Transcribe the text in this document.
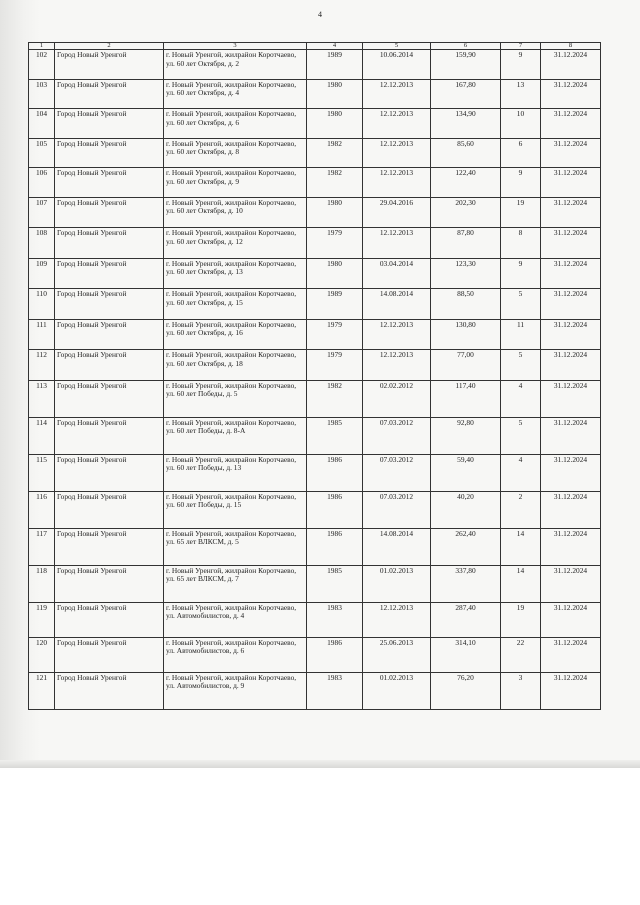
4
1	2	3	4	5	6	7	8
102	Город Новый Уренгой	г. Новый Уренгой, жилрайон Коротчаево, ул. 60 лет Октября, д. 2	1989	10.06.2014	159,90	9	31.12.2024
103	Город Новый Уренгой	г. Новый Уренгой, жилрайон Коротчаево, ул. 60 лет Октября, д. 4	1980	12.12.2013	167,80	13	31.12.2024
104	Город Новый Уренгой	г. Новый Уренгой, жилрайон Коротчаево, ул. 60 лет Октября, д. 6	1980	12.12.2013	134,90	10	31.12.2024
105	Город Новый Уренгой	г. Новый Уренгой, жилрайон Коротчаево, ул. 60 лет Октября, д. 8	1982	12.12.2013	85,60	6	31.12.2024
106	Город Новый Уренгой	г. Новый Уренгой, жилрайон Коротчаево, ул. 60 лет Октября, д. 9	1982	12.12.2013	122,40	9	31.12.2024
107	Город Новый Уренгой	г. Новый Уренгой, жилрайон Коротчаево, ул. 60 лет Октября, д. 10	1980	29.04.2016	202,30	19	31.12.2024
108	Город Новый Уренгой	г. Новый Уренгой, жилрайон Коротчаево, ул. 60 лет Октября, д. 12	1979	12.12.2013	87,80	8	31.12.2024
109	Город Новый Уренгой	г. Новый Уренгой, жилрайон Коротчаево, ул. 60 лет Октября, д. 13	1980	03.04.2014	123,30	9	31.12.2024
110	Город Новый Уренгой	г. Новый Уренгой, жилрайон Коротчаево, ул. 60 лет Октября, д. 15	1989	14.08.2014	88,50	5	31.12.2024
111	Город Новый Уренгой	г. Новый Уренгой, жилрайон Коротчаево, ул. 60 лет Октября, д. 16	1979	12.12.2013	130,80	11	31.12.2024
112	Город Новый Уренгой	г. Новый Уренгой, жилрайон Коротчаево, ул. 60 лет Октября, д. 18	1979	12.12.2013	77,00	5	31.12.2024
113	Город Новый Уренгой	г. Новый Уренгой, жилрайон Коротчаево, ул. 60 лет Победы, д. 5	1982	02.02.2012	117,40	4	31.12.2024
114	Город Новый Уренгой	г. Новый Уренгой, жилрайон Коротчаево, ул. 60 лет Победы, д. 8-А	1985	07.03.2012	92,80	5	31.12.2024
115	Город Новый Уренгой	г. Новый Уренгой, жилрайон Коротчаево, ул. 60 лет Победы, д. 13	1986	07.03.2012	59,40	4	31.12.2024
116	Город Новый Уренгой	г. Новый Уренгой, жилрайон Коротчаево, ул. 60 лет Победы, д. 15	1986	07.03.2012	40,20	2	31.12.2024
117	Город Новый Уренгой	г. Новый Уренгой, жилрайон Коротчаево, ул. 65 лет ВЛКСМ, д. 5	1986	14.08.2014	262,40	14	31.12.2024
118	Город Новый Уренгой	г. Новый Уренгой, жилрайон Коротчаево, ул. 65 лет ВЛКСМ, д. 7	1985	01.02.2013	337,80	14	31.12.2024
119	Город Новый Уренгой	г. Новый Уренгой, жилрайон Коротчаево, ул. Автомобилистов, д. 4	1983	12.12.2013	287,40	19	31.12.2024
120	Город Новый Уренгой	г. Новый Уренгой, жилрайон Коротчаево, ул. Автомобилистов, д. 6	1986	25.06.2013	314,10	22	31.12.2024
121	Город Новый Уренгой	г. Новый Уренгой, жилрайон Коротчаево, ул. Автомобилистов, д. 9	1983	01.02.2013	76,20	3	31.12.2024
